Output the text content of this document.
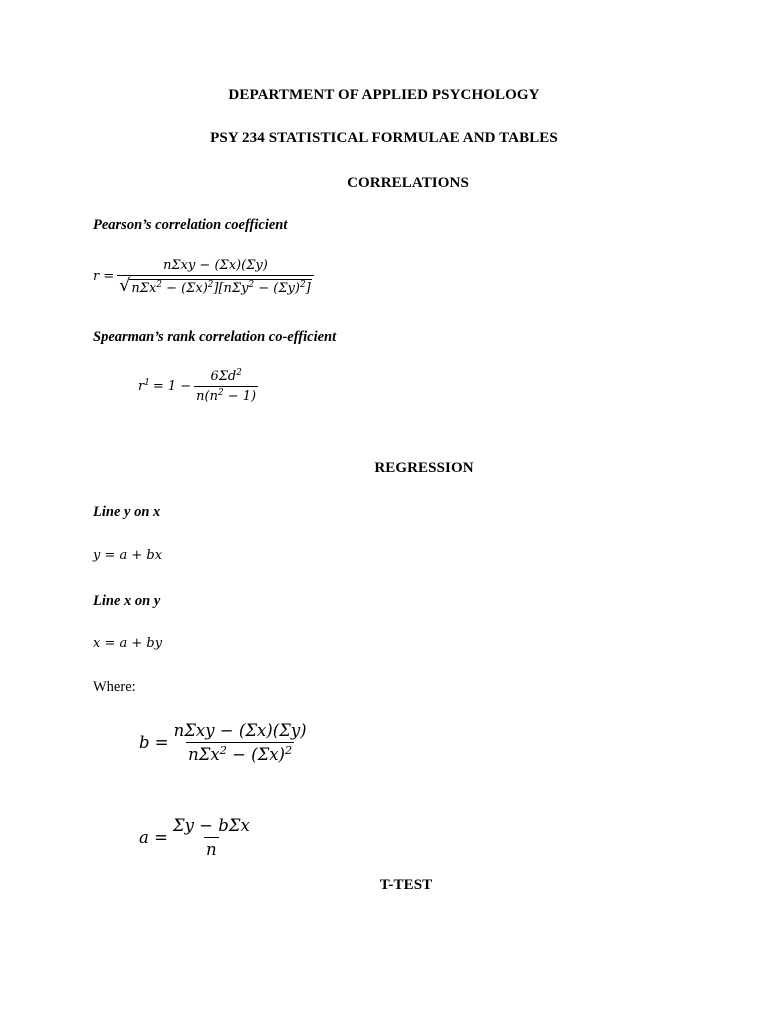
DEPARTMENT OF APPLIED PSYCHOLOGY
PSY 234 STATISTICAL FORMULAE AND TABLES
CORRELATIONS
Pearson’s correlation coefficient
$r = \frac{\text{nΣxy − (Σx)(Σy)}}{√ n\Sigma x^2 - (\Sigma x)^2][n\Sigma y^2 - (\Sigma y)^2]}$
Spearman’s rank correlation co-efficient
$r^1 = 1 - \frac{6\Sigma d^2}{n(n^2 - 1)}$
REGRESSION
Line y on x
y = a + bx
Line x on y
x = a + by
Where:
$b = \frac{\text{nΣxy − (Σx)(Σy)}}{n\Sigma x^2 - (\Sigma x)^2}$
$a = \frac{\text{Σy − bΣx}}{n}$
T-TEST
